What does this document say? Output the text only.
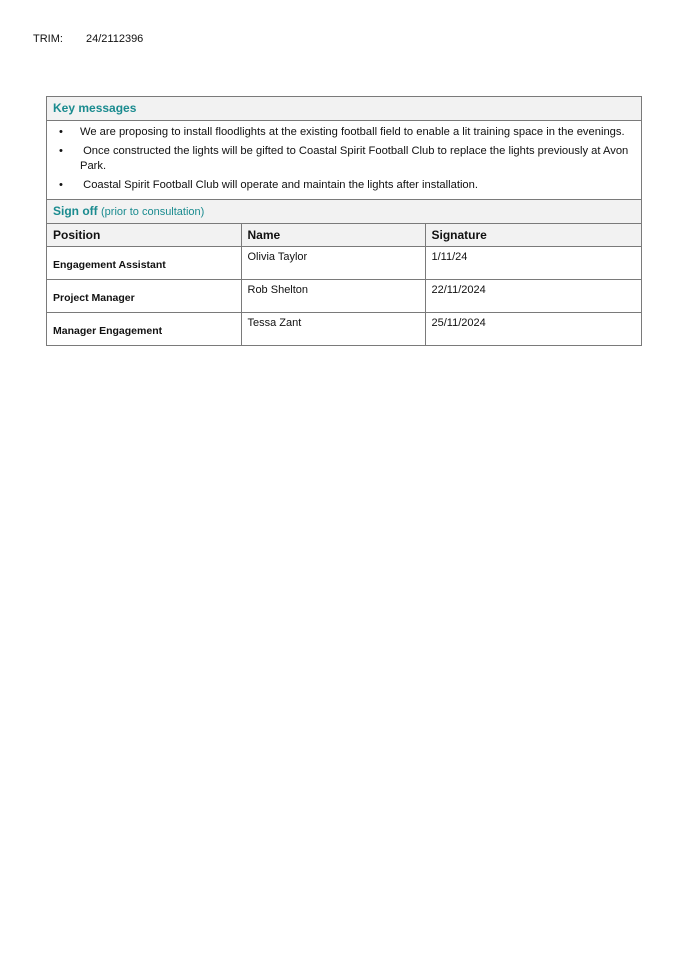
TRIM:	24/2112396
Key messages
• We are proposing to install floodlights at the existing football field to enable a lit training space in the evenings.
• Once constructed the lights will be gifted to Coastal Spirit Football Club to replace the lights previously at Avon Park.
• Coastal Spirit Football Club will operate and maintain the lights after installation.
Sign off (prior to consultation)
Position	Name	Signature
Engagement Assistant	Olivia Taylor	1/11/24
Project Manager	Rob Shelton	22/11/2024
Manager Engagement	Tessa Zant	25/11/2024
